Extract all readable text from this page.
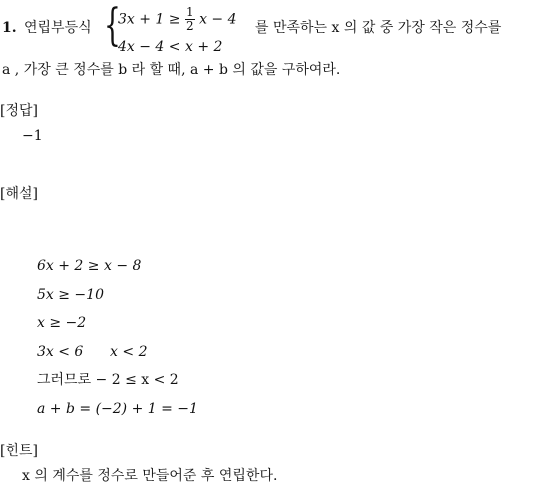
1. 연립부등식 {
$3x + 1 \ge \frac{1}{2}$ x − 4
4x − 4 < x + 2
를 만족하는 x 의 값 중 가장 작은 정수를
a , 가장 큰 정수를 b 라 할 때, a + b 의 값을 구하여라.
[정답]
−1
[해설]
6x + 2 ≥ x − 8
5x ≥ −10
x ≥ −2
3x < 6      x < 2
그러므로 − 2 ≤ x < 2
a + b = (−2) + 1 = −1
[힌트]
x 의 계수를 정수로 만들어준 후 연립한다.
